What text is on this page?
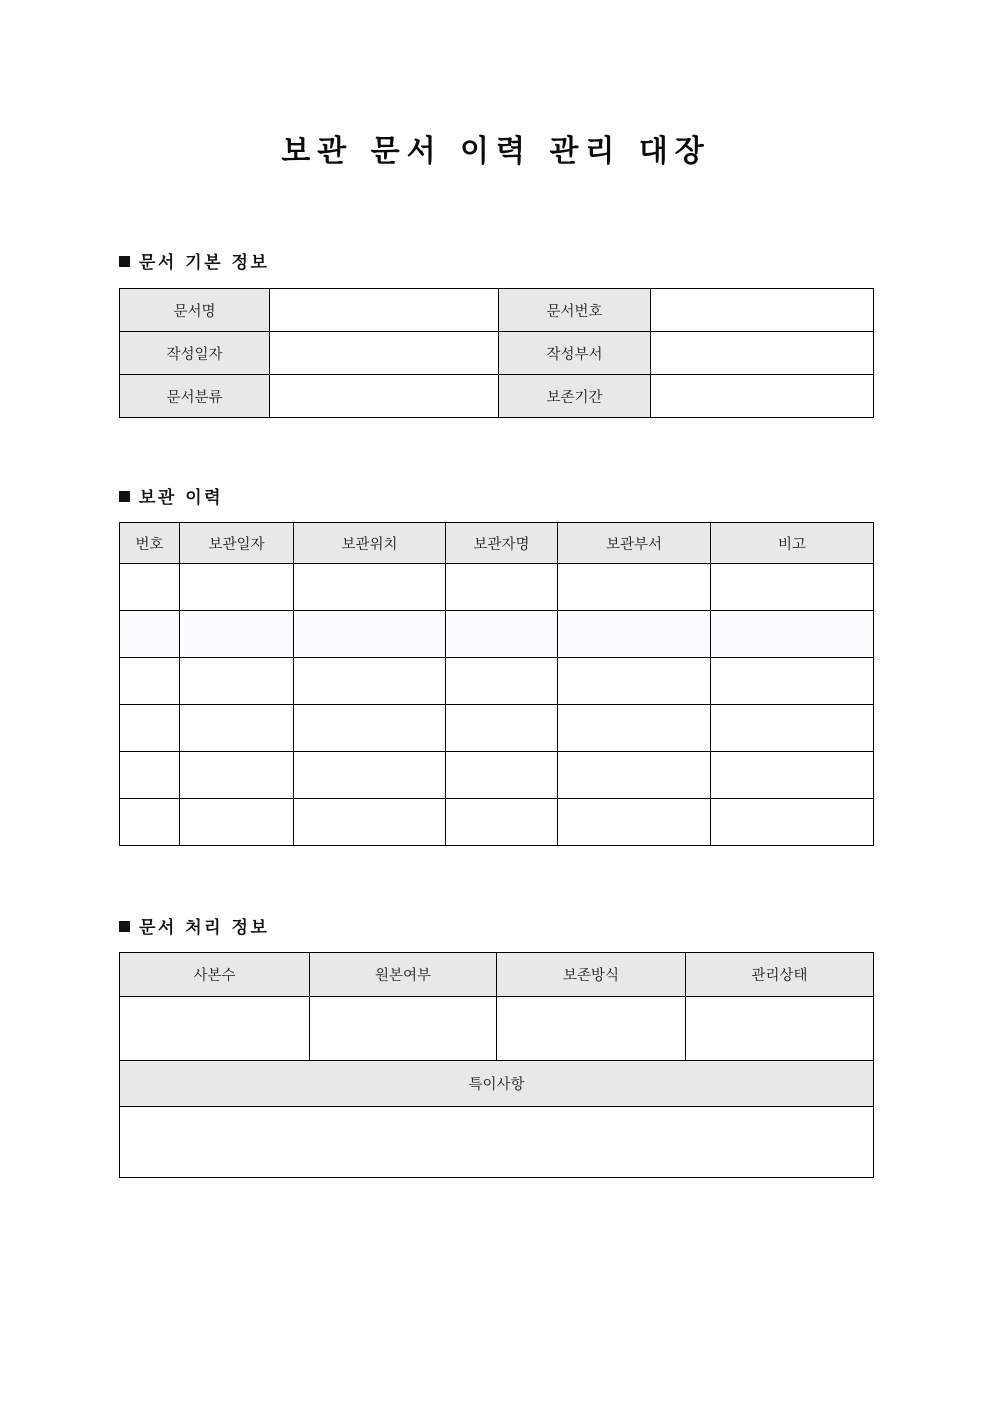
보관 문서 이력 관리 대장
문서 기본 정보
문서명		문서번호	
작성일자		작성부서	
문서분류		보존기간	
보관 이력
번호	보관일자	보관위치	보관자명	보관부서	비고

문서 처리 정보
사본수	원본여부	보존방식	관리상태

특이사항			
